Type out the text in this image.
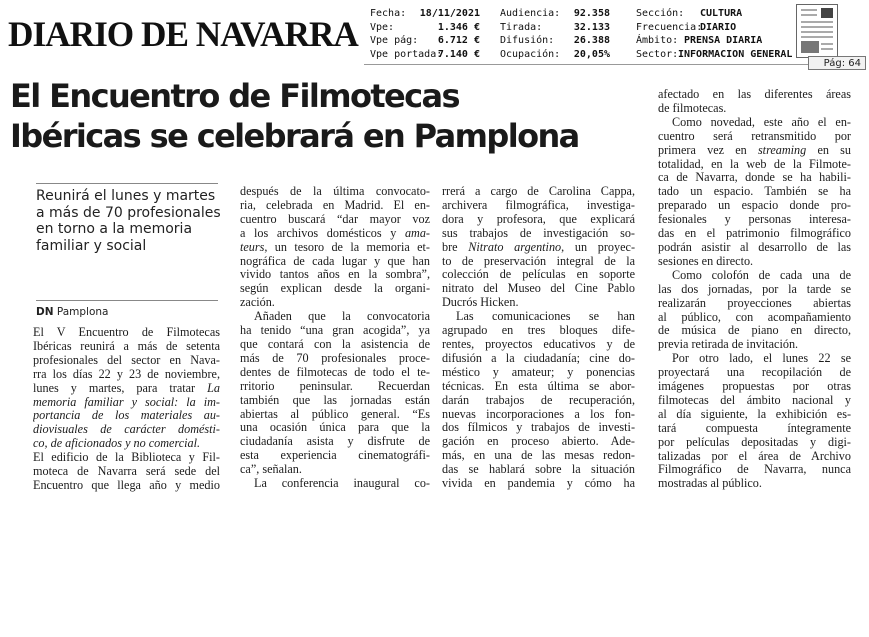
DIARIO DE NAVARRA
Fecha: 18/11/2021
Vpe:	1.346 €
Vpe pág: 6.712 €
Vpe portada:
7.140 €
Audiencia: 92.358
Tirada:	32.133
Difusión: 26.388
Ocupación: 20,05%
Sección: CULTURA
Frecuencia:
DIARIO
Ámbito: PRENSA DIARIA
Sector: INFORMACION GENERAL
Pág: 64
El Encuentro de Filmotecas
Ibéricas se celebrará en Pamplona
Reunirá el lunes y martes a más de 70 profesionales en torno a la memoria familiar y social
DN Pamplona
El V Encuentro de Filmotecas
Ibéricas reunirá a más de setenta
profesionales del sector en Nava-
rra los días 22 y 23 de noviembre,
lunes y martes, para tratar La
memoria familiar y social: la im-
portancia de los materiales au-
diovisuales de carácter domésti-
co, de aficionados y no comercial.
El edificio de la Biblioteca y Fil-
moteca de Navarra será sede del
Encuentro que llega año y medio
después de la última convocato-
ria, celebrada en Madrid. El en-
cuentro buscará “dar mayor voz
a los archivos domésticos y ama-
teurs, un tesoro de la memoria et-
nográfica de cada lugar y que han
vivido tantos años en la sombra”,
según explican desde la organi-
zación.
Añaden que la convocatoria
ha tenido “una gran acogida”, ya
que contará con la asistencia de
más de 70 profesionales proce-
dentes de filmotecas de todo el te-
rritorio peninsular. Recuerdan
también que las jornadas están
abiertas al público general. “Es
una ocasión única para que la
ciudadanía asista y disfrute de
esta experiencia cinematográfi-
ca”, señalan.
La conferencia inaugural co-
rrerá a cargo de Carolina Cappa,
archivera filmográfica, investiga-
dora y profesora, que explicará
sus trabajos de investigación so-
bre Nitrato argentino, un proyec-
to de preservación integral de la
colección de películas en soporte
nitrato del Museo del Cine Pablo
Ducrós Hicken.
Las comunicaciones se han
agrupado en tres bloques dife-
rentes, proyectos educativos y de
difusión a la ciudadanía; cine do-
méstico y amateur; y ponencias
técnicas. En esta última se abor-
darán trabajos de recuperación,
nuevas incorporaciones a los fon-
dos fílmicos y trabajos de investi-
gación en proceso abierto. Ade-
más, en una de las mesas redon-
das se hablará sobre la situación
vivida en pandemia y cómo ha
afectado en las diferentes áreas
de filmotecas.
Como novedad, este año el en-
cuentro será retransmitido por
primera vez en streaming en su
totalidad, en la web de la Filmote-
ca de Navarra, donde se ha habili-
tado un espacio. También se ha
preparado un espacio donde pro-
fesionales y personas interesa-
das en el patrimonio filmográfico
podrán asistir al desarrollo de las
sesiones en directo.
Como colofón de cada una de
las dos jornadas, por la tarde se
realizarán proyecciones abiertas
al público, con acompañamiento
de música de piano en directo,
previa retirada de invitación.
Por otro lado, el lunes 22 se
proyectará una recopilación de
imágenes propuestas por otras
filmotecas del ámbito nacional y
al día siguiente, la exhibición es-
tará compuesta íntegramente
por películas depositadas y digi-
talizadas por el área de Archivo
Filmográfico de Navarra, nunca
mostradas al público.
